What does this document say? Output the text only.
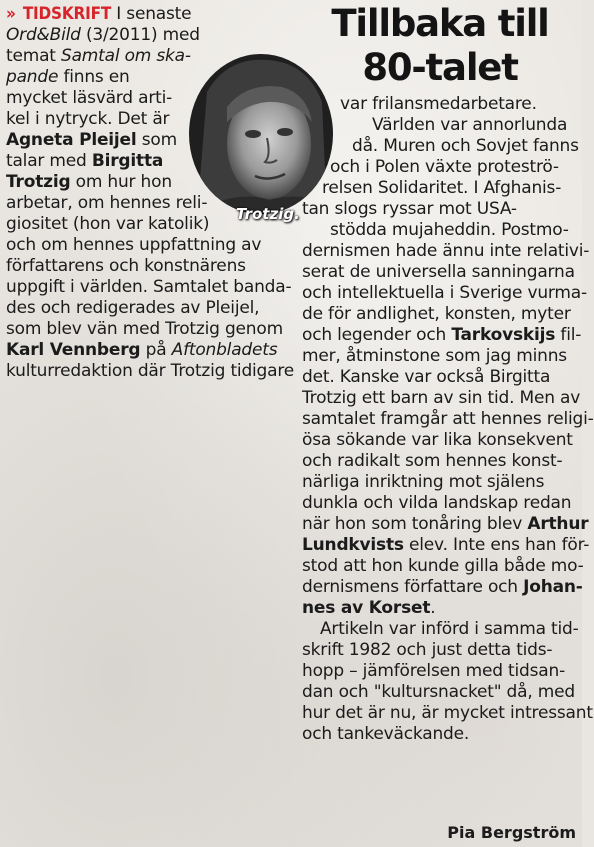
Tillbaka till
80-talet
Trotzig.
» TIDSKRIFT I senaste
Ord&Bild (3/2011) med
temat Samtal om ska-
pande finns en
mycket läsvärd arti-
kel i nytryck. Det är
Agneta Pleijel som
talar med Birgitta
Trotzig om hur hon
arbetar, om hennes reli-
giositet (hon var katolik)
och om hennes uppfattning av
författarens och konstnärens
uppgift i världen. Samtalet banda-
des och redigerades av Pleijel,
som blev vän med Trotzig genom
Karl Vennberg på Aftonbladets
kulturredaktion där Trotzig tidigare
var frilansmedarbetare.
Världen var annorlunda
då. Muren och Sovjet fanns
och i Polen växte proteströ-
relsen Solidaritet. I Afghanis-
tan slogs ryssar mot USA-
stödda mujaheddin. Postmo-
dernismen hade ännu inte relativi-
serat de universella sanningarna
och intellektuella i Sverige vurma-
de för andlighet, konsten, myter
och legender och Tarkovskijs fil-
mer, åtminstone som jag minns
det. Kanske var också Birgitta
Trotzig ett barn av sin tid. Men av
samtalet framgår att hennes religi-
ösa sökande var lika konsekvent
och radikalt som hennes konst-
närliga inriktning mot själens
dunkla och vilda landskap redan
när hon som tonåring blev Arthur
Lundkvists elev. Inte ens han för-
stod att hon kunde gilla både mo-
dernismens författare och Johan-
nes av Korset.
Artikeln var införd i samma tid-
skrift 1982 och just detta tids-
hopp – jämförelsen med tidsan-
dan och "kultursnacket" då, med
hur det är nu, är mycket intressant
och tankeväckande.
Pia Bergström
